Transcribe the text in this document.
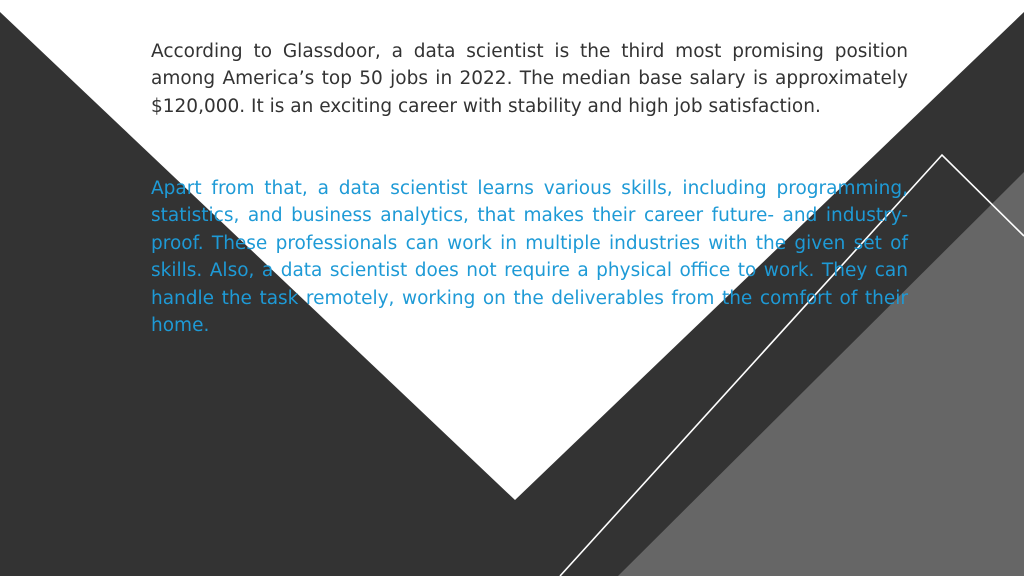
According to Glassdoor, a data scientist is the third most promising position among America’s top 50 jobs in 2022. The median base salary is approximately $120,000. It is an exciting career with stability and high job satisfaction.

Apart from that, a data scientist learns various skills, including programming, statistics, and business analytics, that makes their career future- and industry-proof. These professionals can work in multiple industries with the given set of skills. Also, a data scientist does not require a physical office to work. They can handle the task remotely, working on the deliverables from the comfort of their home.
